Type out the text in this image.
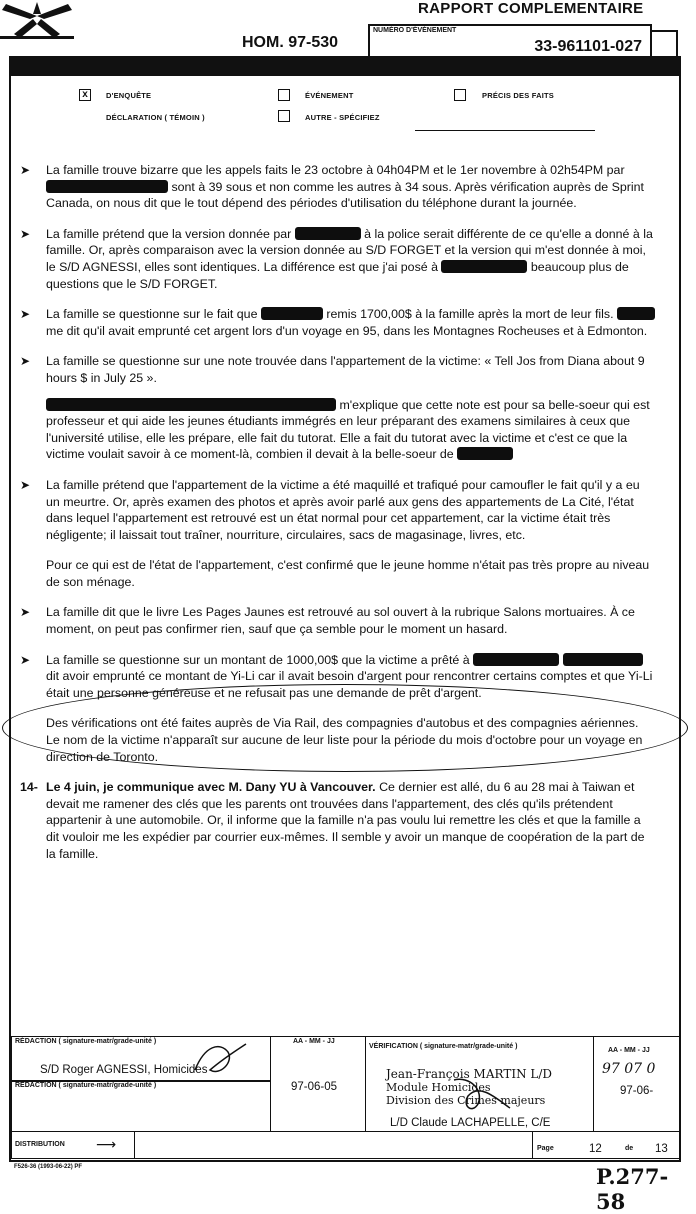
RAPPORT COMPLEMENTAIRE
HOM. 97-530
NUMÉRO D'ÉVÉNEMENT
33-961101-027
x	D'ENQUÊTE	ÉVÉNEMENT	PRÉCIS DES FAITS
DÉCLARATION ( TÉMOIN )	AUTRE - SPÉCIFIEZ
➤ La famille trouve bizarre que les appels faits le 23 octobre à 04h04PM et le 1er novembre à 02h54PM par  sont à 39 sous et non comme les autres à 34 sous. Après vérification auprès de Sprint Canada, on nous dit que le tout dépend des périodes d'utilisation du téléphone durant la journée.
➤ La famille prétend que la version donnée par	à la police serait différente de ce qu'elle a donné à la famille. Or, après comparaison avec la version donnée au S/D FORGET et la version qui m'est donnée à moi, le S/D AGNESSI, elles sont identiques. La différence est que j'ai posé à	beaucoup plus de questions que le S/D FORGET.
➤ La famille se questionne sur le fait que	remis 1700,00$ à la famille après la mort de leur fils.  me dit qu'il avait emprunté cet argent lors d'un voyage en 95, dans les Montagnes Rocheuses et à Edmonton.
➤ La famille se questionne sur une note trouvée dans l'appartement de la victime: « Tell Jos from Diana about 9 hours $ in July 25 ».
m'explique que cette note est pour sa belle-soeur qui est professeur et qui aide les jeunes étudiants immégrés en leur préparant des examens similaires à ceux que l'université utilise, elle les prépare, elle fait du tutorat. Elle a fait du tutorat avec la victime et c'est ce que la victime voulait savoir à ce moment-là, combien il devait à la belle-soeur de
➤ La famille prétend que l'appartement de la victime a été maquillé et trafiqué pour camoufler le fait qu'il y a eu un meurtre. Or, après examen des photos et après avoir parlé aux gens des appartements de La Cité, l'état dans lequel l'appartement est retrouvé est un état normal pour cet appartement, car la victime était très négligente; il laissait tout traîner, nourriture, circulaires, sacs de magasinage, livres, etc.
Pour ce qui est de l'état de l'appartement, c'est confirmé que le jeune homme n'était pas très propre au niveau de son ménage.
➤ La famille dit que le livre Les Pages Jaunes est retrouvé au sol ouvert à la rubrique Salons mortuaires. À ce moment, on peut pas confirmer rien, sauf que ça semble pour le moment un hasard.
➤ La famille se questionne sur un montant de 1000,00$ que la victime a prêté à   dit avoir emprunté ce montant de Yi-Li car il avait besoin d'argent pour rencontrer certains comptes et que Yi-Li était une personne généreuse et ne refusait pas une demande de prêt d'argent.
Des vérifications ont été faites auprès de Via Rail, des compagnies d'autobus et des compagnies aériennes. Le nom de la victime n'apparaît sur aucune de leur liste pour la période du mois d'octobre pour un voyage en direction de Toronto.
14- Le 4 juin, je communique avec M. Dany YU à Vancouver. Ce dernier est allé, du 6 au 28 mai à Taiwan et devait me ramener des clés que les parents ont trouvées dans l'appartement, des clés qu'ils prétendent appartenir à une automobile. Or, il informe que la famille n'a pas voulu lui remettre les clés et que la famille a dit vouloir me les expédier par courrier eux-mêmes. Il semble y avoir un manque de coopération de la part de la famille.
RÉDACTION ( signature-matr/grade-unité )
S/D Roger AGNESSI, Homicides
RÉDACTION ( signature-matr/grade-unité )
AA - MM - JJ
97-06-05
VÉRIFICATION ( signature-matr/grade-unité )
Jean-François MARTIN L/D
Module Homicides
Division des Crimes majeurs
L/D Claude LACHAPELLE, C/E
AA - MM - JJ
97 07 0
97-06-
DISTRIBUTION ⟶	Page	12	de 13
F526-36 (1993-06-22) PF	P.277-58
